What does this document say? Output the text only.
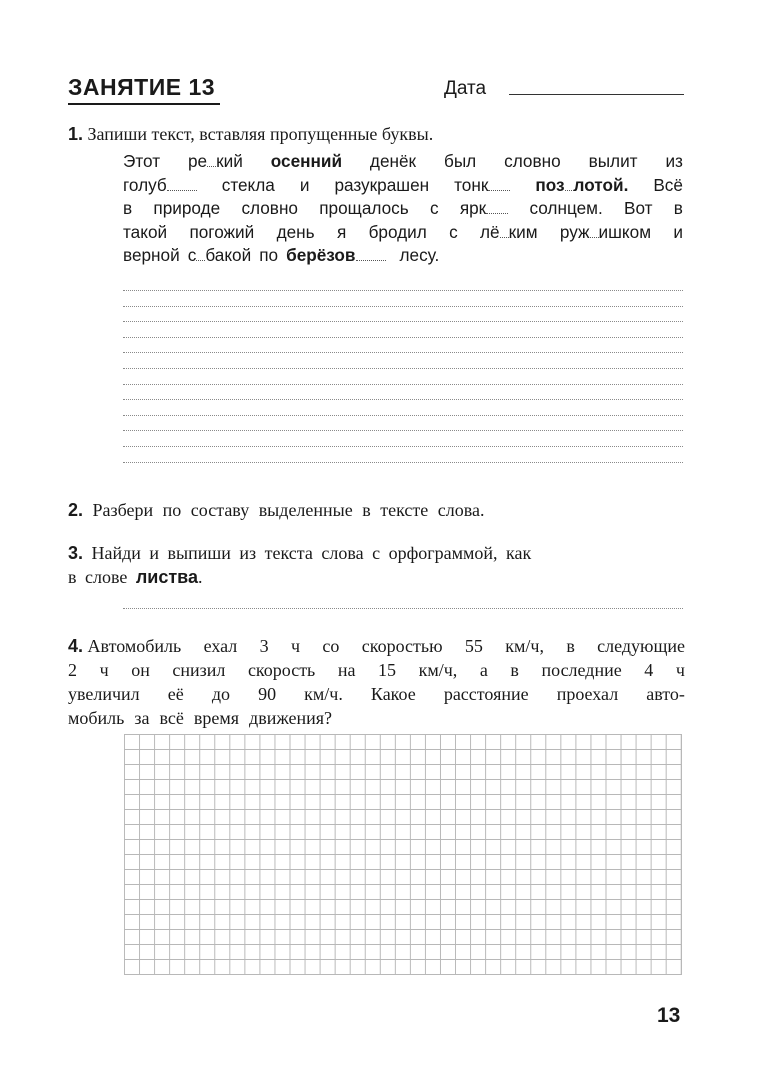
ЗАНЯТИЕ 13	Дата
1. Запиши текст, вставляя пропущенные буквы.
Этот ре кий осенний денёк был словно вылит из
голуб	стекла и разукрашен тонк	поз лотой. Всё
в природе словно прощалось с ярк	солнцем. Вот в
такой погожий день я бродил с лё ким руж ишком и
верной с бакой по берёзов	лесу.
2. Разбери по составу выделенные в тексте слова.
3. Найди и выпиши из текста слова с орфограммой, как
в слове листва.
4. Автомобиль ехал 3 ч со скоростью 55 км/ч, в следующие
2 ч он снизил скорость на 15 км/ч, а в последние 4 ч
увеличил её до 90 км/ч. Какое расстояние проехал авто-
мобиль за всё время движения?
13
